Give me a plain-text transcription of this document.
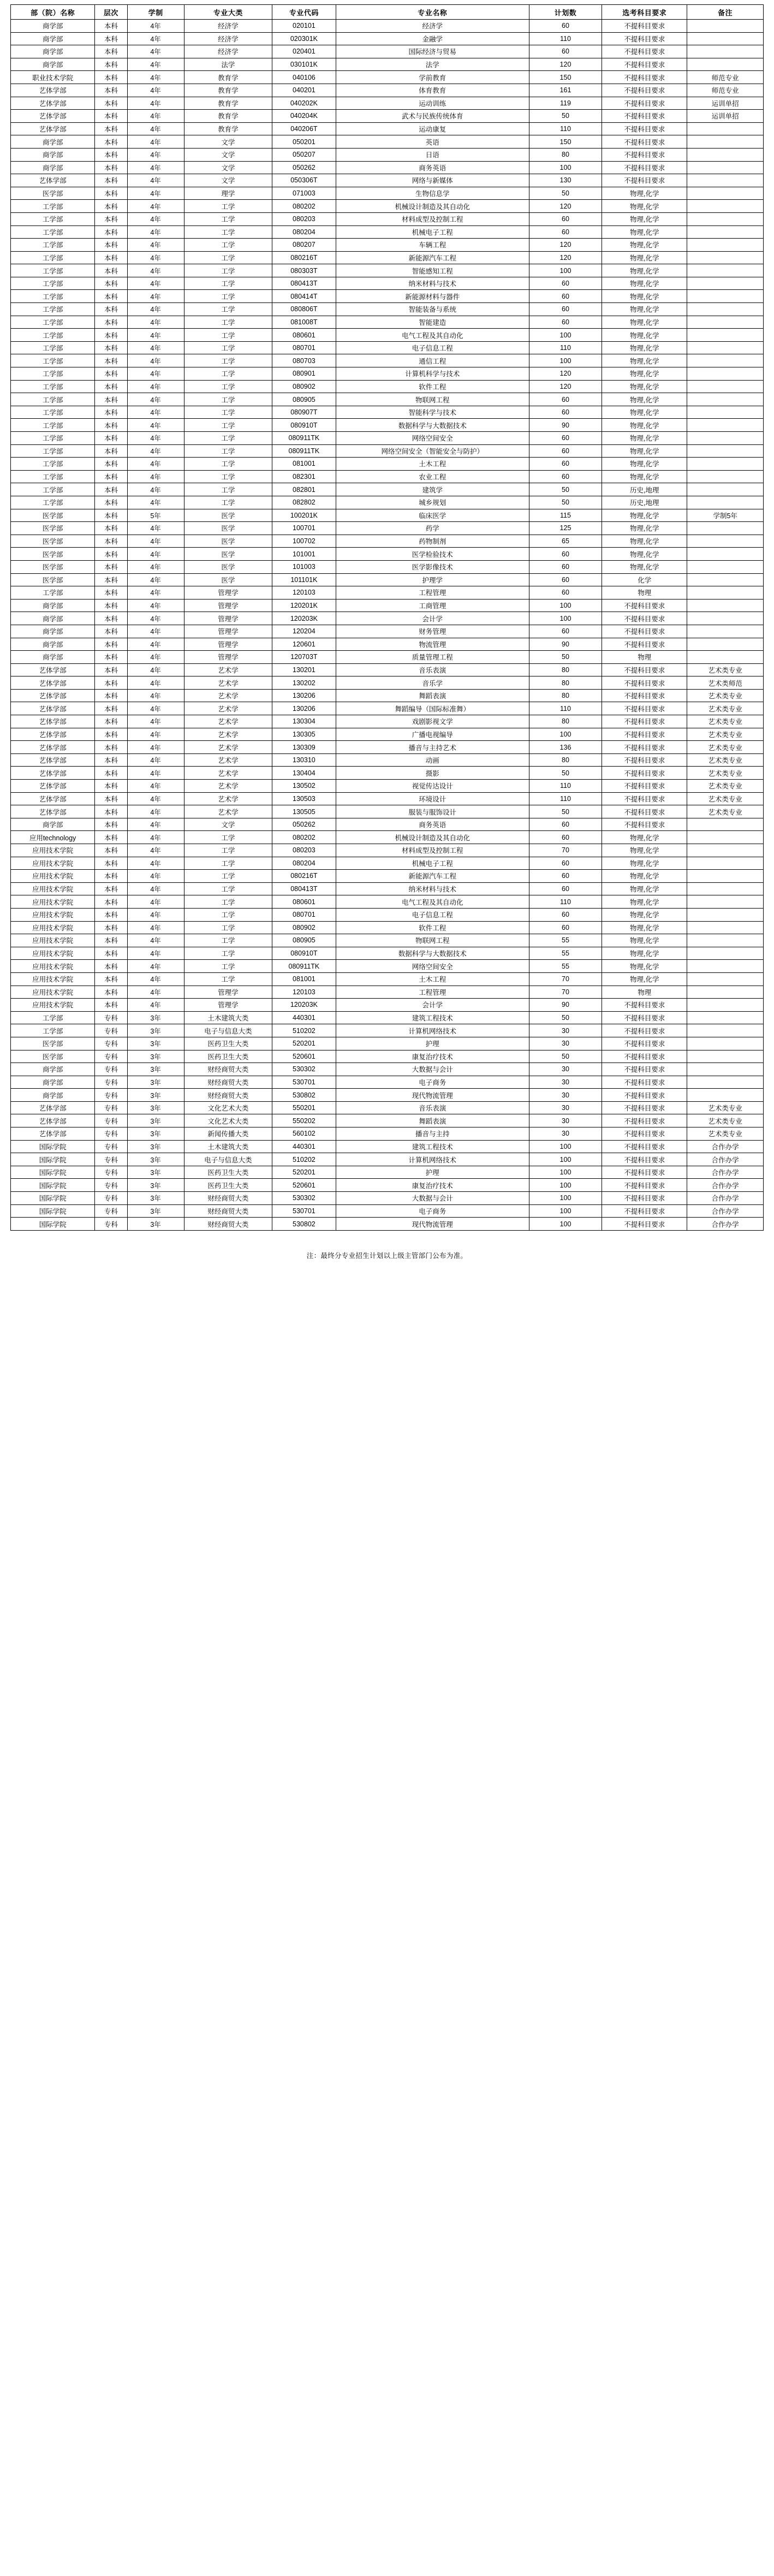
部（院）名称	层次	学制	专业大类	专业代码	专业名称	计划数	选考科目要求	备注
商学部	本科	4年	经济学	020101	经济学	60	不提科目要求	
商学部	本科	4年	经济学	020301K	金融学	110	不提科目要求	
商学部	本科	4年	经济学	020401	国际经济与贸易	60	不提科目要求	
商学部	本科	4年	法学	030101K	法学	120	不提科目要求	
职业技术学院	本科	4年	教育学	040106	学前教育	150	不提科目要求	师范专业
艺体学部	本科	4年	教育学	040201	体育教育	161	不提科目要求	师范专业
艺体学部	本科	4年	教育学	040202K	运动训练	119	不提科目要求	运训单招
艺体学部	本科	4年	教育学	040204K	武术与民族传统体育	50	不提科目要求	运训单招
艺体学部	本科	4年	教育学	040206T	运动康复	110	不提科目要求	
商学部	本科	4年	文学	050201	英语	150	不提科目要求	
商学部	本科	4年	文学	050207	日语	80	不提科目要求	
商学部	本科	4年	文学	050262	商务英语	100	不提科目要求	
艺体学部	本科	4年	文学	050306T	网络与新媒体	130	不提科目要求	
医学部	本科	4年	理学	071003	生物信息学	50	物理,化学	
工学部	本科	4年	工学	080202	机械设计制造及其自动化	120	物理,化学	
工学部	本科	4年	工学	080203	材料成型及控制工程	60	物理,化学	
工学部	本科	4年	工学	080204	机械电子工程	60	物理,化学	
工学部	本科	4年	工学	080207	车辆工程	120	物理,化学	
工学部	本科	4年	工学	080216T	新能源汽车工程	120	物理,化学	
工学部	本科	4年	工学	080303T	智能感知工程	100	物理,化学	
工学部	本科	4年	工学	080413T	纳米材料与技术	60	物理,化学	
工学部	本科	4年	工学	080414T	新能源材料与器件	60	物理,化学	
工学部	本科	4年	工学	080806T	智能装备与系统	60	物理,化学	
工学部	本科	4年	工学	081008T	智能建造	60	物理,化学	
工学部	本科	4年	工学	080601	电气工程及其自动化	100	物理,化学	
工学部	本科	4年	工学	080701	电子信息工程	110	物理,化学	
工学部	本科	4年	工学	080703	通信工程	100	物理,化学	
工学部	本科	4年	工学	080901	计算机科学与技术	120	物理,化学	
工学部	本科	4年	工学	080902	软件工程	120	物理,化学	
工学部	本科	4年	工学	080905	物联网工程	60	物理,化学	
工学部	本科	4年	工学	080907T	智能科学与技术	60	物理,化学	
工学部	本科	4年	工学	080910T	数据科学与大数据技术	90	物理,化学	
工学部	本科	4年	工学	080911TK	网络空间安全	60	物理,化学	
工学部	本科	4年	工学	080911TK	网络空间安全（智能安全与防护）	60	物理,化学	
工学部	本科	4年	工学	081001	土木工程	60	物理,化学	
工学部	本科	4年	工学	082301	农业工程	60	物理,化学	
工学部	本科	4年	工学	082801	建筑学	50	历史,地理	
工学部	本科	4年	工学	082802	城乡规划	50	历史,地理	
医学部	本科	5年	医学	100201K	临床医学	115	物理,化学	学制5年
医学部	本科	4年	医学	100701	药学	125	物理,化学	
医学部	本科	4年	医学	100702	药物制剂	65	物理,化学	
医学部	本科	4年	医学	101001	医学检验技术	60	物理,化学	
医学部	本科	4年	医学	101003	医学影像技术	60	物理,化学	
医学部	本科	4年	医学	101101K	护理学	60	化学	
工学部	本科	4年	管理学	120103	工程管理	60	物理	
商学部	本科	4年	管理学	120201K	工商管理	100	不提科目要求	
商学部	本科	4年	管理学	120203K	会计学	100	不提科目要求	
商学部	本科	4年	管理学	120204	财务管理	60	不提科目要求	
商学部	本科	4年	管理学	120601	物流管理	90	不提科目要求	
商学部	本科	4年	管理学	120703T	质量管理工程	50	物理	
艺体学部	本科	4年	艺术学	130201	音乐表演	80	不提科目要求	艺术类专业
艺体学部	本科	4年	艺术学	130202	音乐学	80	不提科目要求	艺术类师范
艺体学部	本科	4年	艺术学	130206	舞蹈表演	80	不提科目要求	艺术类专业
艺体学部	本科	4年	艺术学	130206	舞蹈编导（国际标准舞）	110	不提科目要求	艺术类专业
艺体学部	本科	4年	艺术学	130304	戏剧影视文学	80	不提科目要求	艺术类专业
艺体学部	本科	4年	艺术学	130305	广播电视编导	100	不提科目要求	艺术类专业
艺体学部	本科	4年	艺术学	130309	播音与主持艺术	136	不提科目要求	艺术类专业
艺体学部	本科	4年	艺术学	130310	动画	80	不提科目要求	艺术类专业
艺体学部	本科	4年	艺术学	130404	摄影	50	不提科目要求	艺术类专业
艺体学部	本科	4年	艺术学	130502	视觉传达设计	110	不提科目要求	艺术类专业
艺体学部	本科	4年	艺术学	130503	环境设计	110	不提科目要求	艺术类专业
艺体学部	本科	4年	艺术学	130505	服装与服饰设计	50	不提科目要求	艺术类专业
商学部	本科	4年	文学	050262	商务英语	60	不提科目要求	
应用technology	本科	4年	工学	080202	机械设计制造及其自动化	60	物理,化学	
应用技术学院	本科	4年	工学	080203	材料成型及控制工程	70	物理,化学	
应用技术学院	本科	4年	工学	080204	机械电子工程	60	物理,化学	
应用技术学院	本科	4年	工学	080216T	新能源汽车工程	60	物理,化学	
应用技术学院	本科	4年	工学	080413T	纳米材料与技术	60	物理,化学	
应用技术学院	本科	4年	工学	080601	电气工程及其自动化	110	物理,化学	
应用技术学院	本科	4年	工学	080701	电子信息工程	60	物理,化学	
应用技术学院	本科	4年	工学	080902	软件工程	60	物理,化学	
应用技术学院	本科	4年	工学	080905	物联网工程	55	物理,化学	
应用技术学院	本科	4年	工学	080910T	数据科学与大数据技术	55	物理,化学	
应用技术学院	本科	4年	工学	080911TK	网络空间安全	55	物理,化学	
应用技术学院	本科	4年	工学	081001	土木工程	70	物理,化学	
应用技术学院	本科	4年	管理学	120103	工程管理	70	物理	
应用技术学院	本科	4年	管理学	120203K	会计学	90	不提科目要求	
工学部	专科	3年	土木建筑大类	440301	建筑工程技术	50	不提科目要求	
工学部	专科	3年	电子与信息大类	510202	计算机网络技术	30	不提科目要求	
医学部	专科	3年	医药卫生大类	520201	护理	30	不提科目要求	
医学部	专科	3年	医药卫生大类	520601	康复治疗技术	50	不提科目要求	
商学部	专科	3年	财经商贸大类	530302	大数据与会计	30	不提科目要求	
商学部	专科	3年	财经商贸大类	530701	电子商务	30	不提科目要求	
商学部	专科	3年	财经商贸大类	530802	现代物流管理	30	不提科目要求	
艺体学部	专科	3年	文化艺术大类	550201	音乐表演	30	不提科目要求	艺术类专业
艺体学部	专科	3年	文化艺术大类	550202	舞蹈表演	30	不提科目要求	艺术类专业
艺体学部	专科	3年	新闻传播大类	560102	播音与主持	30	不提科目要求	艺术类专业
国际学院	专科	3年	土木建筑大类	440301	建筑工程技术	100	不提科目要求	合作办学
国际学院	专科	3年	电子与信息大类	510202	计算机网络技术	100	不提科目要求	合作办学
国际学院	专科	3年	医药卫生大类	520201	护理	100	不提科目要求	合作办学
国际学院	专科	3年	医药卫生大类	520601	康复治疗技术	100	不提科目要求	合作办学
国际学院	专科	3年	财经商贸大类	530302	大数据与会计	100	不提科目要求	合作办学
国际学院	专科	3年	财经商贸大类	530701	电子商务	100	不提科目要求	合作办学
国际学院	专科	3年	财经商贸大类	530802	现代物流管理	100	不提科目要求	合作办学
注：最终分专业招生计划以上级主管部门公布为准。
